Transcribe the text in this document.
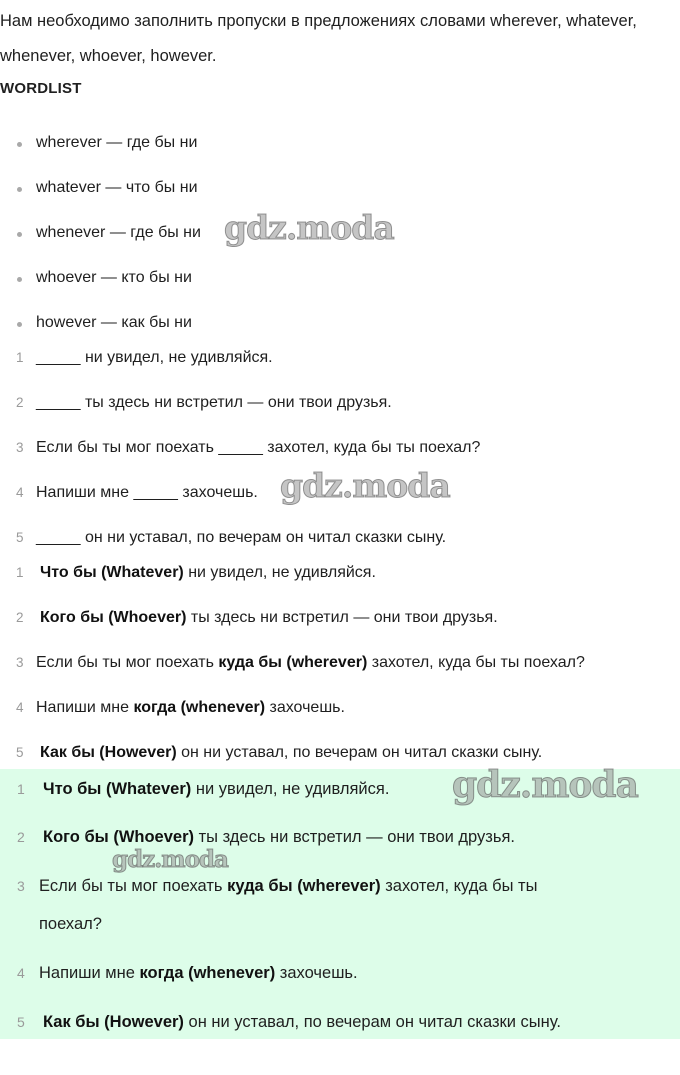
Нам необходимо заполнить пропуски в предложениях словами wherever, whatever, whenever, whoever, however.

WORDLIST

wherever — где бы ни
whatever — что бы ни
whenever — где бы ни
whoever — кто бы ни
however — как бы ни
1 _____ ни увидел, не удивляйся.
2 _____ ты здесь ни встретил — они твои друзья.
3 Если бы ты мог поехать _____ захотел, куда бы ты поехал?
4 Напиши мне _____ захочешь.
5 _____ он ни уставал, по вечерам он читал сказки сыну.
1 Что бы (Whatever) ни увидел, не удивляйся.
2 Кого бы (Whoever) ты здесь ни встретил — они твои друзья.
3 Если бы ты мог поехать куда бы (wherever) захотел, куда бы ты поехал?
4 Напиши мне когда (whenever) захочешь.
5 Как бы (However) он ни уставал, по вечерам он читал сказки сыну.
1 Что бы (Whatever) ни увидел, не удивляйся.
2 Кого бы (Whoever) ты здесь ни встретил — они твои друзья.
3 Если бы ты мог поехать куда бы (wherever) захотел, куда бы ты
поехал?
4 Напиши мне когда (whenever) захочешь.
5 Как бы (However) он ни уставал, по вечерам он читал сказки сыну.
gdz.moda
gdz.moda
gdz.moda
gdz.moda
